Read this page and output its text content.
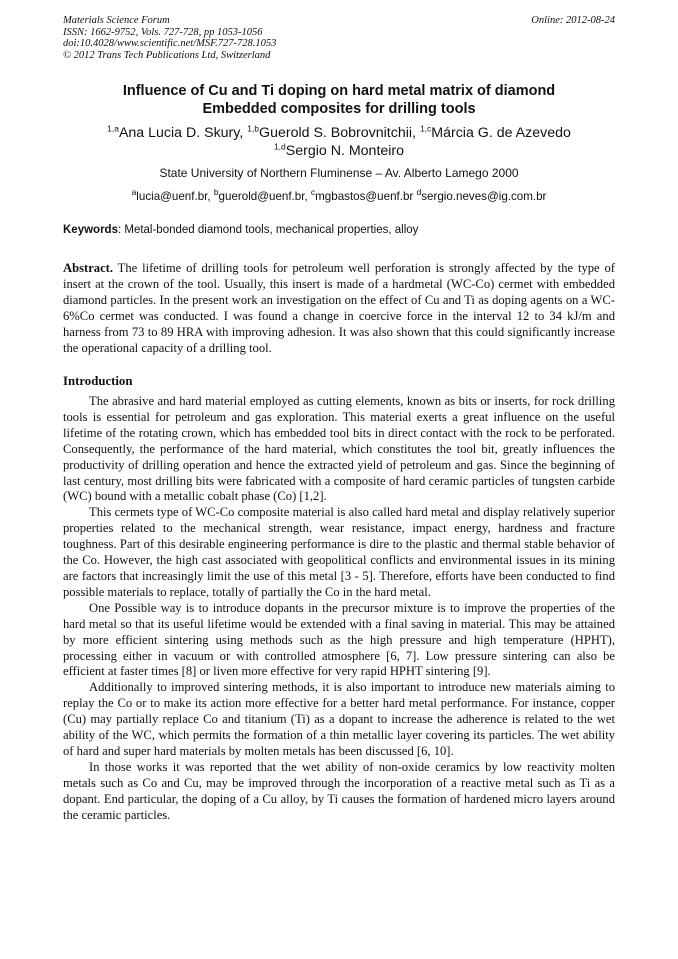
Materials Science Forum
ISSN: 1662-9752, Vols. 727-728, pp 1053-1056
doi:10.4028/www.scientific.net/MSF.727-728.1053
© 2012 Trans Tech Publications Ltd, Switzerland
Online: 2012-08-24
Influence of Cu and Ti doping on hard metal matrix of diamond
Embedded composites for drilling tools
$^{1,a}$Ana Lucia D. Skury, $^{1,b}$Guerold S. Bobrovnitchii, $^{1,c}$Márcia G. de Azevedo
$^{1,d}$Sergio N. Monteiro
State University of Northern Fluminense – Av. Alberto Lamego 2000
$^a$lucia@uenf.br, $^b$guerold@uenf.br, $^c$mgbastos@uenf.br $^d$sergio.neves@ig.com.br
Keywords: Metal-bonded diamond tools, mechanical properties, alloy
Abstract. The lifetime of drilling tools for petroleum well perforation is strongly affected by the type of insert at the crown of the tool. Usually, this insert is made of a hardmetal (WC-Co) cermet with embedded diamond particles. In the present work an investigation on the effect of Cu and Ti as doping agents on a WC-6%Co cermet was conducted. I was found a change in coercive force in the interval 12 to 34 kJ/m and harness from 73 to 89 HRA with improving adhesion. It was also shown that this could significantly increase the operational capacity of a drilling tool.
Introduction

The abrasive and hard material employed as cutting elements, known as bits or inserts, for rock drilling tools is essential for petroleum and gas exploration. This material exerts a great influence on the useful lifetime of the rotating crown, which has embedded tool bits in direct contact with the rock to be perforated. Consequently, the performance of the hard material, which constitutes the tool bit, greatly influences the productivity of drilling operation and hence the extracted yield of petroleum and gas. Since the beginning of last century, most drilling bits were fabricated with a composite of hard ceramic particles of tungsten carbide (WC) bound with a metallic cobalt phase (Co) [1,2].

This cermets type of WC-Co composite material is also called hard metal and display relatively superior properties related to the mechanical strength, wear resistance, impact energy, hardness and fracture toughness. Part of this desirable engineering performance is dire to the plastic and thermal stable behavior of the Co. However, the high cast associated with geopolitical conflicts and environmental issues in its mining are factors that increasingly limit the use of this metal [3 - 5]. Therefore, efforts have been conducted to find possible materials to replace, totally of partially the Co in the hard metal.

One Possible way is to introduce dopants in the precursor mixture is to improve the properties of the hard metal so that its useful lifetime would be extended with a final saving in material. This may be attained by more efficient sintering using methods such as the high pressure and high temperature (HPHT), processing either in vacuum or with controlled atmosphere [6, 7]. Low pressure sintering can also be efficient at faster times [8] or liven more effective for very rapid HPHT sintering [9].

Additionally to improved sintering methods, it is also important to introduce new materials aiming to replay the Co or to make its action more effective for a better hard metal performance. For instance, copper (Cu) may partially replace Co and titanium (Ti) as a dopant to increase the adherence is related to the wet ability of the WC, which permits the formation of a thin metallic layer covering its particles. The wet ability of hard and super hard materials by molten metals has been discussed [6, 10].

In those works it was reported that the wet ability of non-oxide ceramics by low reactivity molten metals such as Co and Cu, may be improved through the incorporation of a reactive metal such as Ti as a dopant. End particular, the doping of a Cu alloy, by Ti causes the formation of hardened micro layers around the ceramic particles.
